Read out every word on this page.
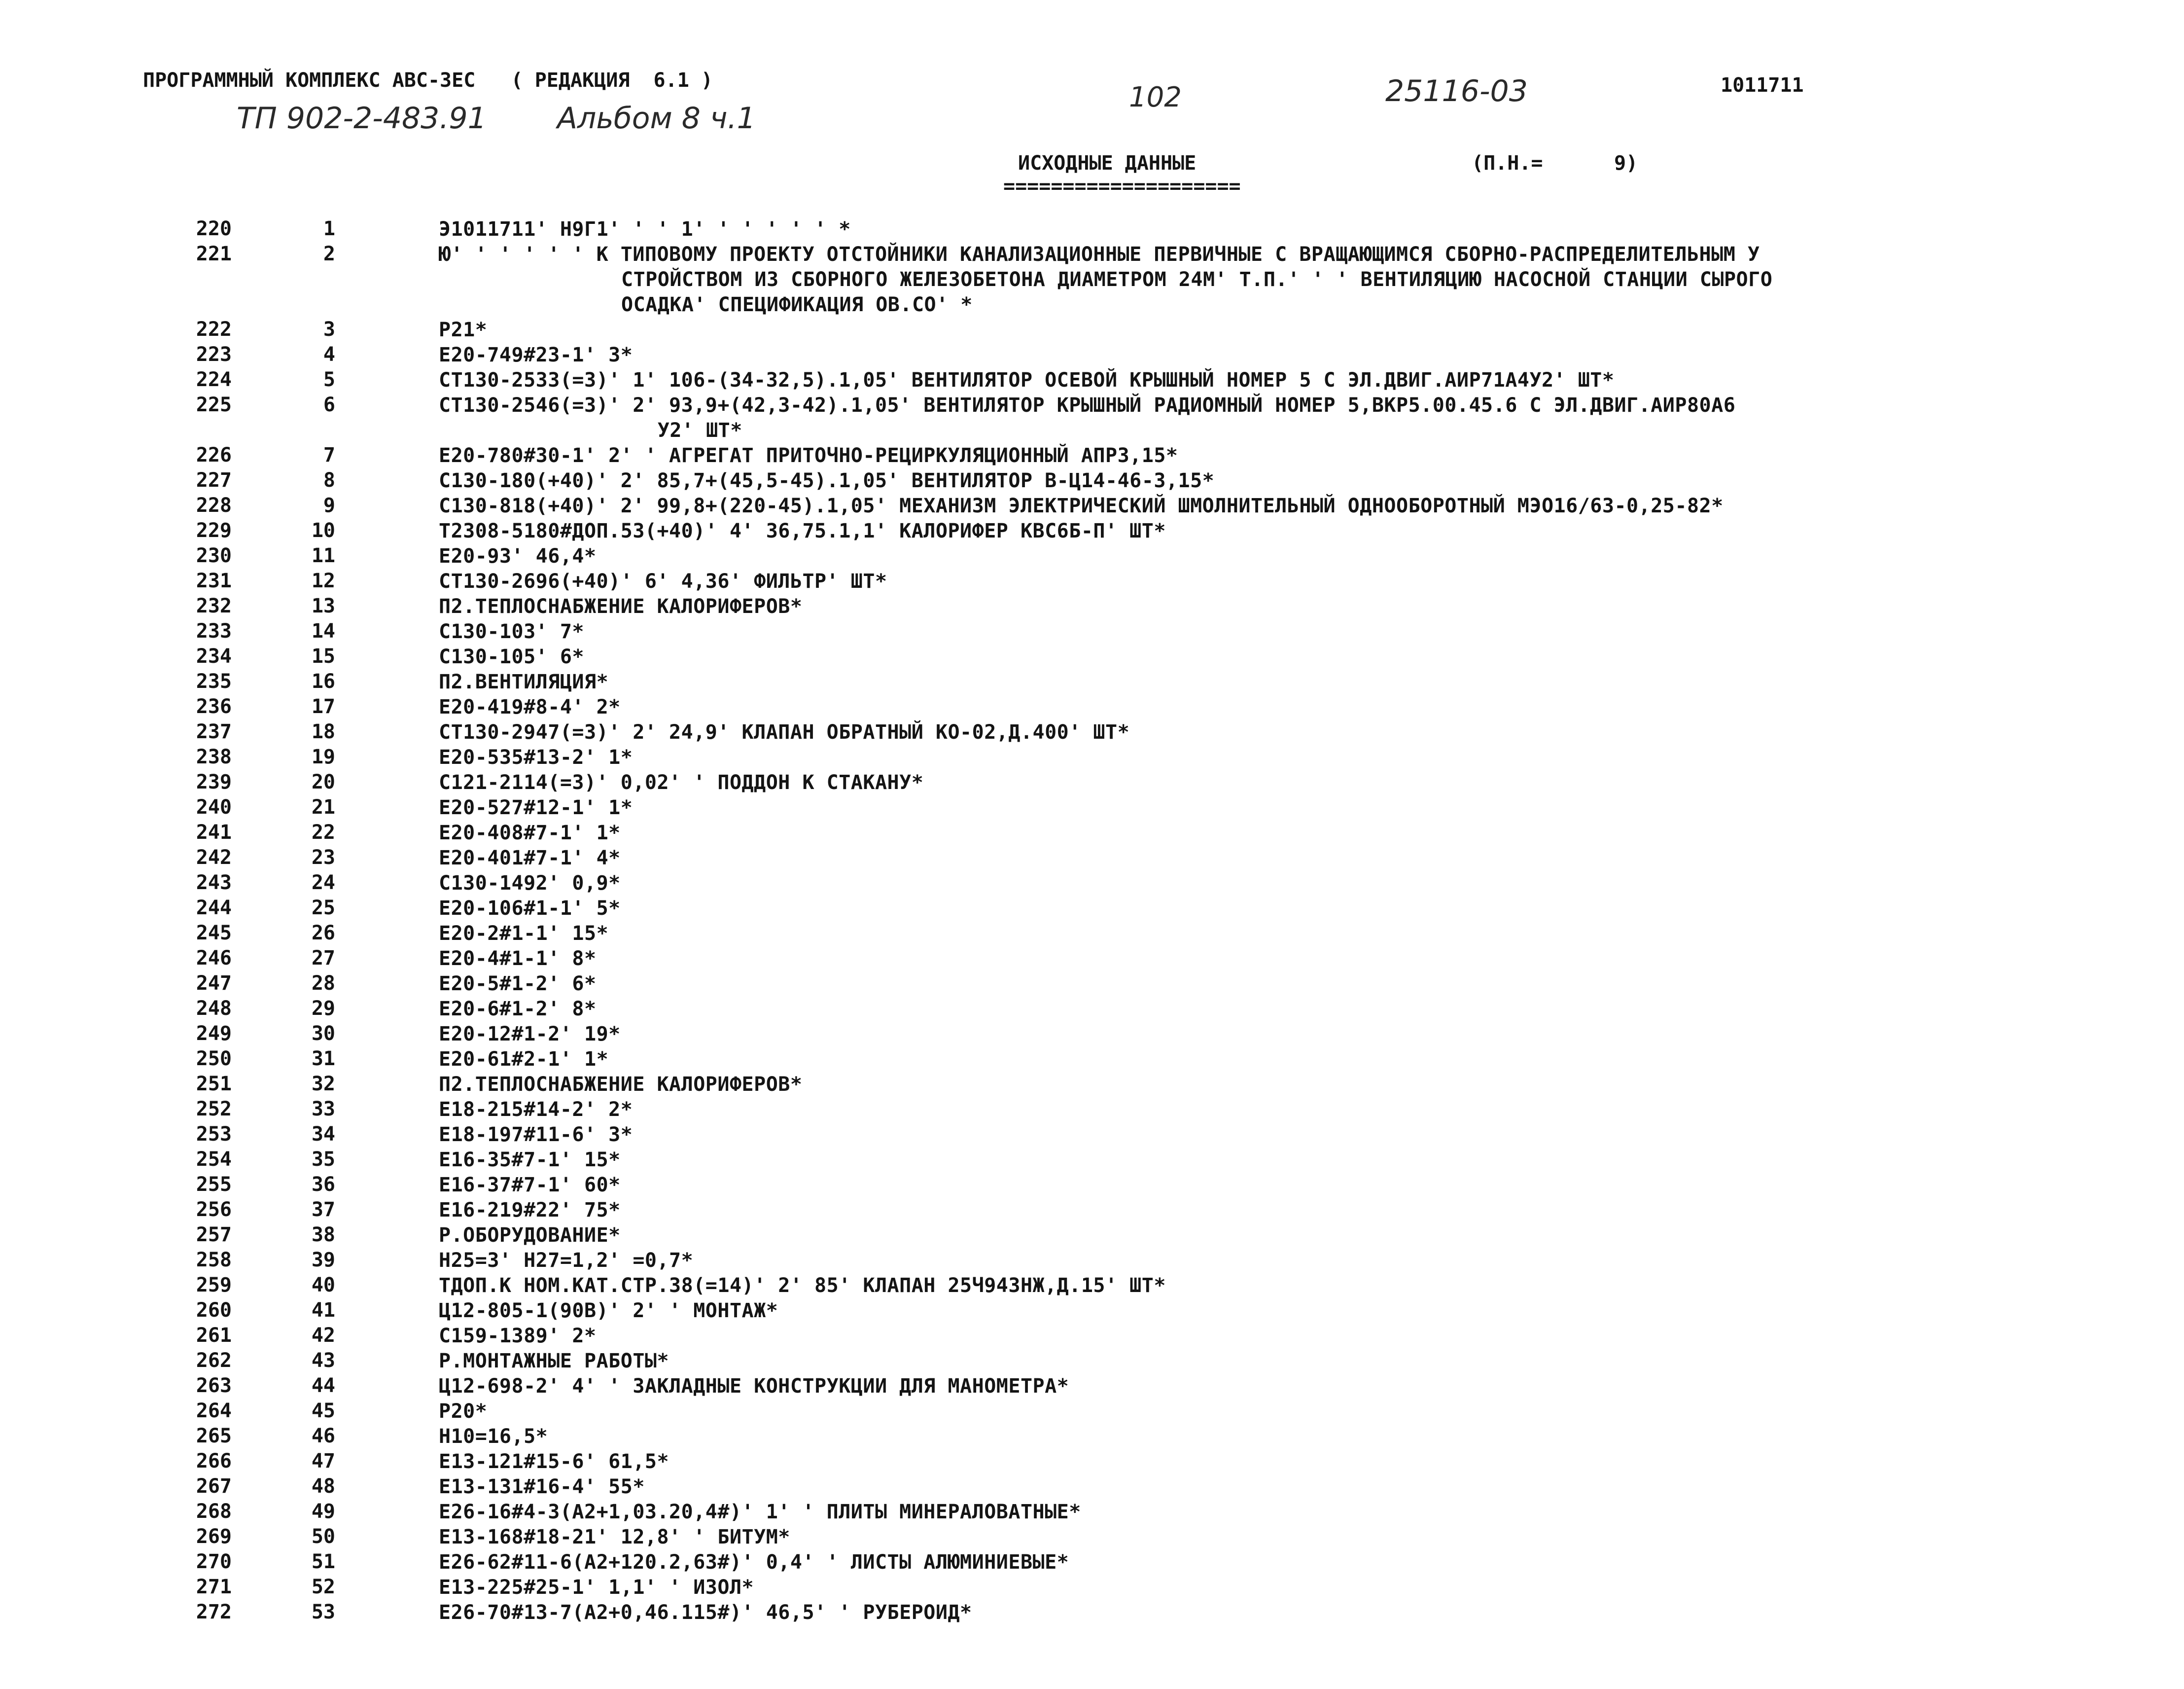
ПРОГРАММНЫЙ КОМПЛЕКС АВС-3ЕС   ( РЕДАКЦИЯ  6.1 )
ТП 902-2-483.91 Альбом 8 ч.1
102	25116-03	1011711
ИСХОДНЫЕ ДАННЫЕ
====================
(П.Н.=      9)
220	1	Э1011711' Н9Г1' ' ' 1' ' ' ' ' ' *
221	2	Ю' ' ' ' ' ' К ТИПОВОМУ ПРОЕКТУ ОТСТОЙНИКИ КАНАЛИЗАЦИОННЫЕ ПЕРВИЧНЫЕ С ВРАЩАЮЩИМСЯ СБОРНО-РАСПРЕДЕЛИТЕЛЬНЫМ У
СТРОЙСТВОМ ИЗ СБОРНОГО ЖЕЛЕЗОБЕТОНА ДИАМЕТРОМ 24М' Т.П.' ' ' ВЕНТИЛЯЦИЮ НАСОСНОЙ СТАНЦИИ СЫРОГО
ОСАДКА' СПЕЦИФИКАЦИЯ ОВ.СО' *
222	3	Р21*
223	4	Е20-749#23-1' 3*
224	5	СТ130-2533(=3)' 1' 106-(34-32,5).1,05' ВЕНТИЛЯТОР ОСЕВОЙ КРЫШНЫЙ НОМЕР 5 С ЭЛ.ДВИГ.АИР71А4У2' ШТ*
225	6	СТ130-2546(=3)' 2' 93,9+(42,3-42).1,05' ВЕНТИЛЯТОР КРЫШНЫЙ РАДИОМНЫЙ НОМЕР 5,ВКР5.00.45.6 С ЭЛ.ДВИГ.АИР80А6
У2' ШТ*
226	7	Е20-780#30-1' 2' ' АГРЕГАТ ПРИТОЧНО-РЕЦИРКУЛЯЦИОННЫЙ АПР3,15*
227	8	С130-180(+40)' 2' 85,7+(45,5-45).1,05' ВЕНТИЛЯТОР В-Ц14-46-3,15*
228	9	С130-818(+40)' 2' 99,8+(220-45).1,05' МЕХАНИЗМ ЭЛЕКТРИЧЕСКИЙ ШМОЛНИТЕЛЬНЫЙ ОДНООБОРОТНЫЙ МЭО16/63-0,25-82*
229	10	Т2308-5180#ДОП.53(+40)' 4' 36,75.1,1' КАЛОРИФЕР КВС6Б-П' ШТ*
230	11	Е20-93' 46,4*
231	12	СТ130-2696(+40)' 6' 4,36' ФИЛЬТР' ШТ*
232	13	П2.ТЕПЛОСНАБЖЕНИЕ КАЛОРИФЕРОВ*
233	14	С130-103' 7*
234	15	С130-105' 6*
235	16	П2.ВЕНТИЛЯЦИЯ*
236	17	Е20-419#8-4' 2*
237	18	СТ130-2947(=3)' 2' 24,9' КЛАПАН ОБРАТНЫЙ КО-02,Д.400' ШТ*
238	19	Е20-535#13-2' 1*
239	20	С121-2114(=3)' 0,02' ' ПОДДОН К СТАКАНУ*
240	21	Е20-527#12-1' 1*
241	22	Е20-408#7-1' 1*
242	23	Е20-401#7-1' 4*
243	24	С130-1492' 0,9*
244	25	Е20-106#1-1' 5*
245	26	Е20-2#1-1' 15*
246	27	Е20-4#1-1' 8*
247	28	Е20-5#1-2' 6*
248	29	Е20-6#1-2' 8*
249	30	Е20-12#1-2' 19*
250	31	Е20-61#2-1' 1*
251	32	П2.ТЕПЛОСНАБЖЕНИЕ КАЛОРИФЕРОВ*
252	33	Е18-215#14-2' 2*
253	34	Е18-197#11-6' 3*
254	35	Е16-35#7-1' 15*
255	36	Е16-37#7-1' 60*
256	37	Е16-219#22' 75*
257	38	Р.ОБОРУДОВАНИЕ*
258	39	Н25=3' Н27=1,2' =0,7*
259	40	ТДОП.К НОМ.КАТ.СТР.38(=14)' 2' 85' КЛАПАН 25Ч943НЖ,Д.15' ШТ*
260	41	Ц12-805-1(90В)' 2' ' МОНТАЖ*
261	42	С159-1389' 2*
262	43	Р.МОНТАЖНЫЕ РАБОТЫ*
263	44	Ц12-698-2' 4' ' ЗАКЛАДНЫЕ КОНСТРУКЦИИ ДЛЯ МАНОМЕТРА*
264	45	Р20*
265	46	Н10=16,5*
266	47	Е13-121#15-6' 61,5*
267	48	Е13-131#16-4' 55*
268	49	Е26-16#4-3(А2+1,03.20,4#)' 1' ' ПЛИТЫ МИНЕРАЛОВАТНЫЕ*
269	50	Е13-168#18-21' 12,8' ' БИТУМ*
270	51	Е26-62#11-6(А2+120.2,63#)' 0,4' ' ЛИСТЫ АЛЮМИНИЕВЫЕ*
271	52	Е13-225#25-1' 1,1' ' ИЗОЛ*
272	53	Е26-70#13-7(А2+0,46.115#)' 46,5' ' РУБЕРОИД*
